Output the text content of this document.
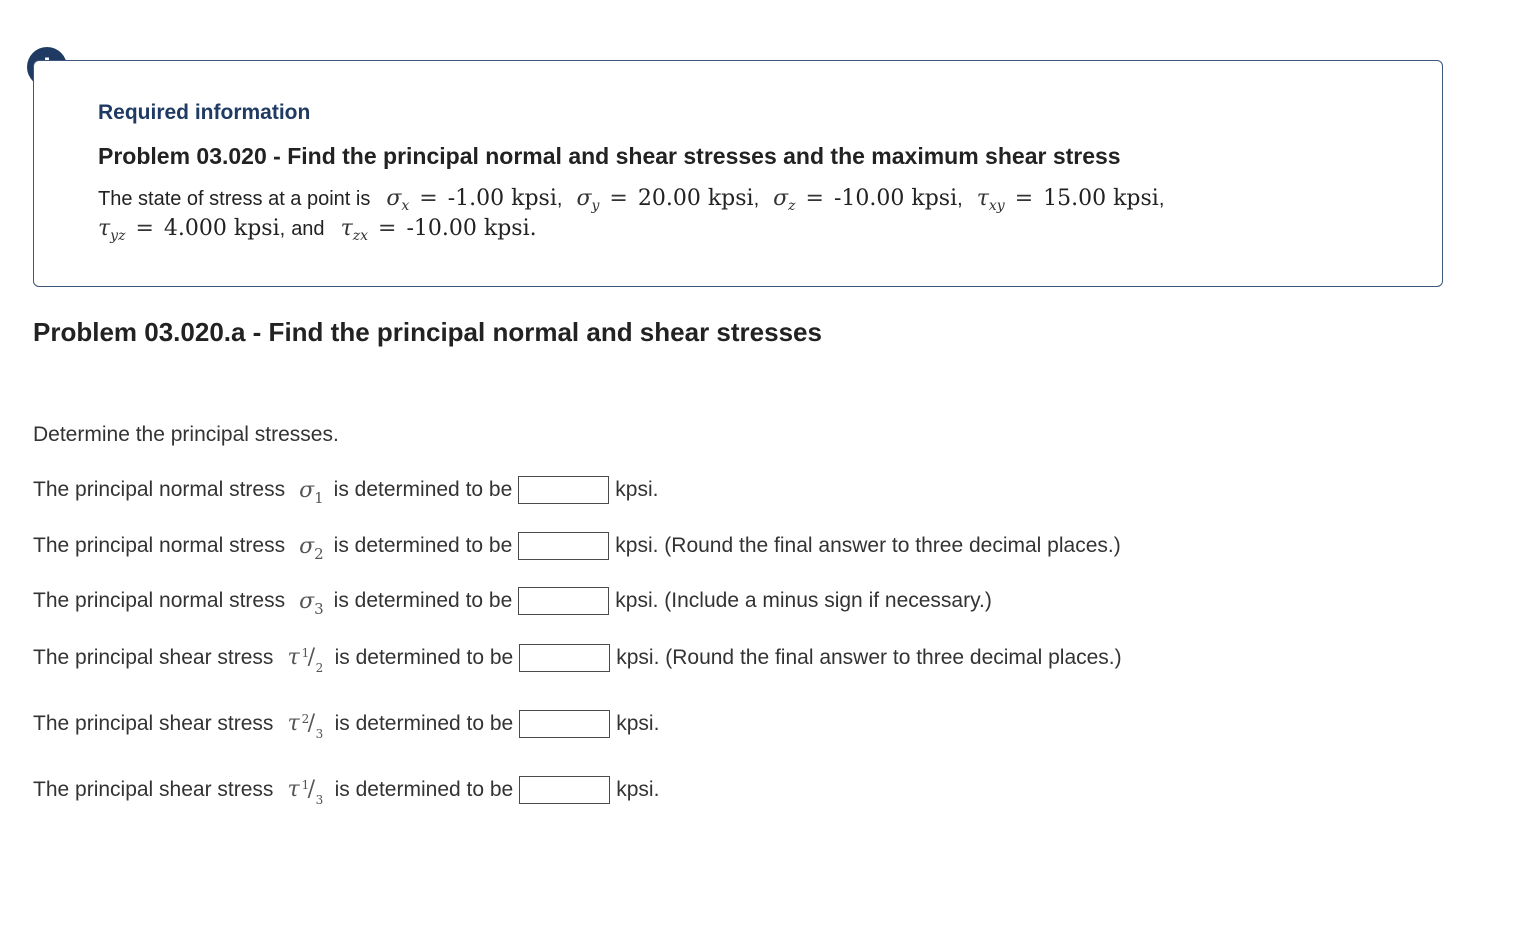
Required information
Problem 03.020 - Find the principal normal and shear stresses and the maximum shear stress
The state of stress at a point is $\sigma_x = -1.00$ kpsi , $\sigma_y = 20.00$ kpsi , $\sigma_z = -10.00$ kpsi , $\tau_{xy} = 15.00$ kpsi ,
$\tau_{yz} = 4.000$ kpsi , and $\tau_{zx} = -10.00$ kpsi .
Problem 03.020.a - Find the principal normal and shear stresses
Determine the principal stresses.
The principal normal stress $\sigma_1$ is determined to be	kpsi.
The principal normal stress $\sigma_2$ is determined to be	kpsi. (Round the final answer to three decimal places.)
The principal normal stress $\sigma_3$ is determined to be	kpsi. (Include a minus sign if necessary.)
The principal shear stress τ 1
/ 2 is determined to be	kpsi. (Round the final answer to three decimal places.)
The principal shear stress τ 2
/ 3 is determined to be	kpsi.
The principal shear stress τ 1
/ 3 is determined to be	kpsi.
